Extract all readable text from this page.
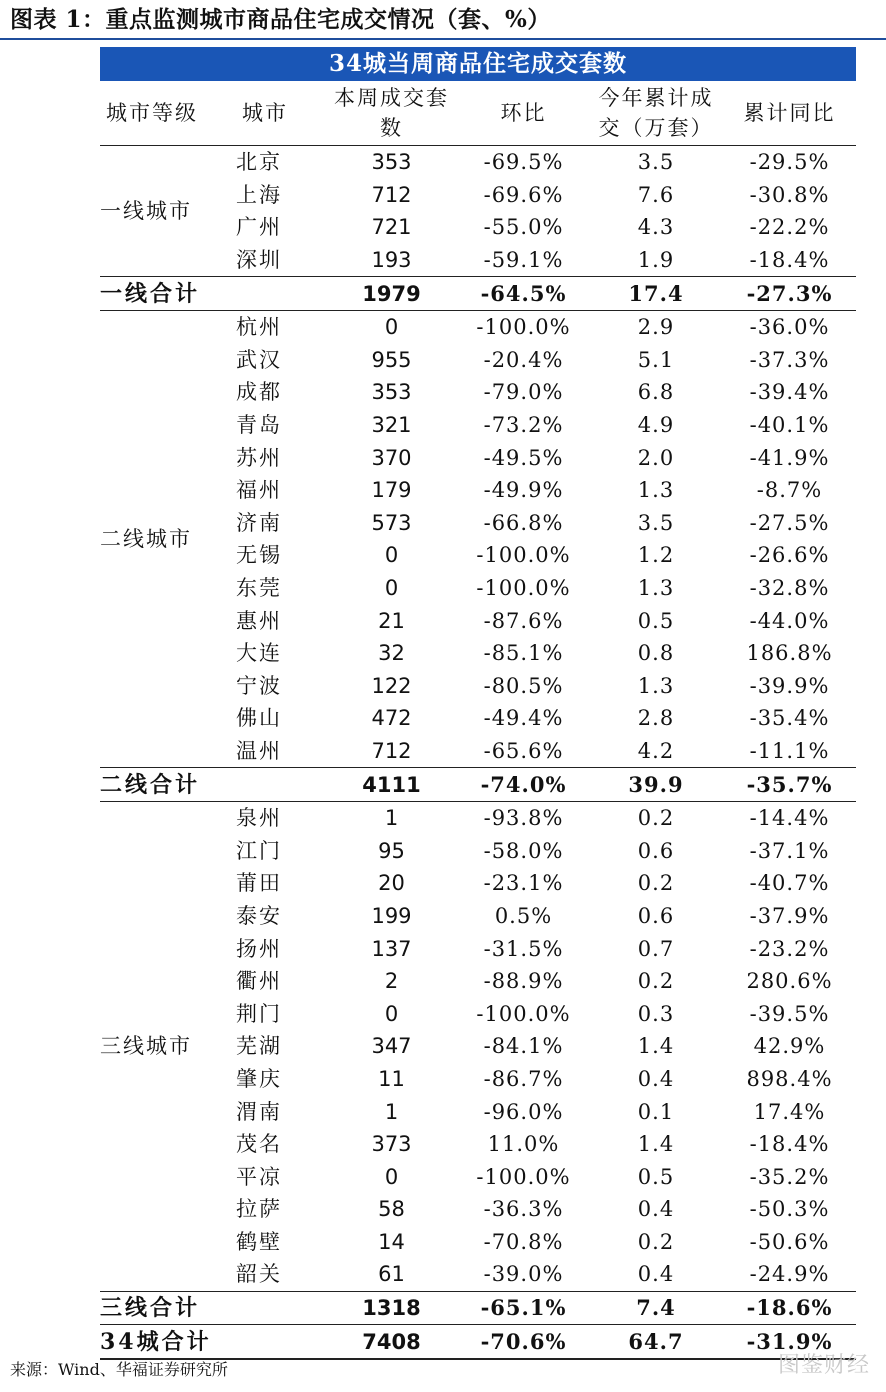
图表 1：重点监测城市商品住宅成交情况（套、%）
34城当周商品住宅成交套数
城市等级	城市	本周成交套数	环比	今年累计成交（万套）	累计同比
一线城市	北京	353	-69.5%	3.5	-29.5%
	上海	712	-69.6%	7.6	-30.8%
	广州	721	-55.0%	4.3	-22.2%
	深圳	193	-59.1%	1.9	-18.4%
一线合计		1979	-64.5%	17.4	-27.3%
二线城市	杭州	0	-100.0%	2.9	-36.0%
	武汉	955	-20.4%	5.1	-37.3%
	成都	353	-79.0%	6.8	-39.4%
	青岛	321	-73.2%	4.9	-40.1%
	苏州	370	-49.5%	2.0	-41.9%
	福州	179	-49.9%	1.3	-8.7%
	济南	573	-66.8%	3.5	-27.5%
	无锡	0	-100.0%	1.2	-26.6%
	东莞	0	-100.0%	1.3	-32.8%
	惠州	21	-87.6%	0.5	-44.0%
	大连	32	-85.1%	0.8	186.8%
	宁波	122	-80.5%	1.3	-39.9%
	佛山	472	-49.4%	2.8	-35.4%
	温州	712	-65.6%	4.2	-11.1%
二线合计		4111	-74.0%	39.9	-35.7%
三线城市	泉州	1	-93.8%	0.2	-14.4%
	江门	95	-58.0%	0.6	-37.1%
	莆田	20	-23.1%	0.2	-40.7%
	泰安	199	0.5%	0.6	-37.9%
	扬州	137	-31.5%	0.7	-23.2%
	衢州	2	-88.9%	0.2	280.6%
	荆门	0	-100.0%	0.3	-39.5%
	芜湖	347	-84.1%	1.4	42.9%
	肇庆	11	-86.7%	0.4	898.4%
	渭南	1	-96.0%	0.1	17.4%
	茂名	373	11.0%	1.4	-18.4%
	平凉	0	-100.0%	0.5	-35.2%
	拉萨	58	-36.3%	0.4	-50.3%
	鹤壁	14	-70.8%	0.2	-50.6%
	韶关	61	-39.0%	0.4	-24.9%
三线合计		1318	-65.1%	7.4	-18.6%
34城合计		7408	-70.6%	64.7	-31.9%
来源：Wind、华福证券研究所	图鉴财经
